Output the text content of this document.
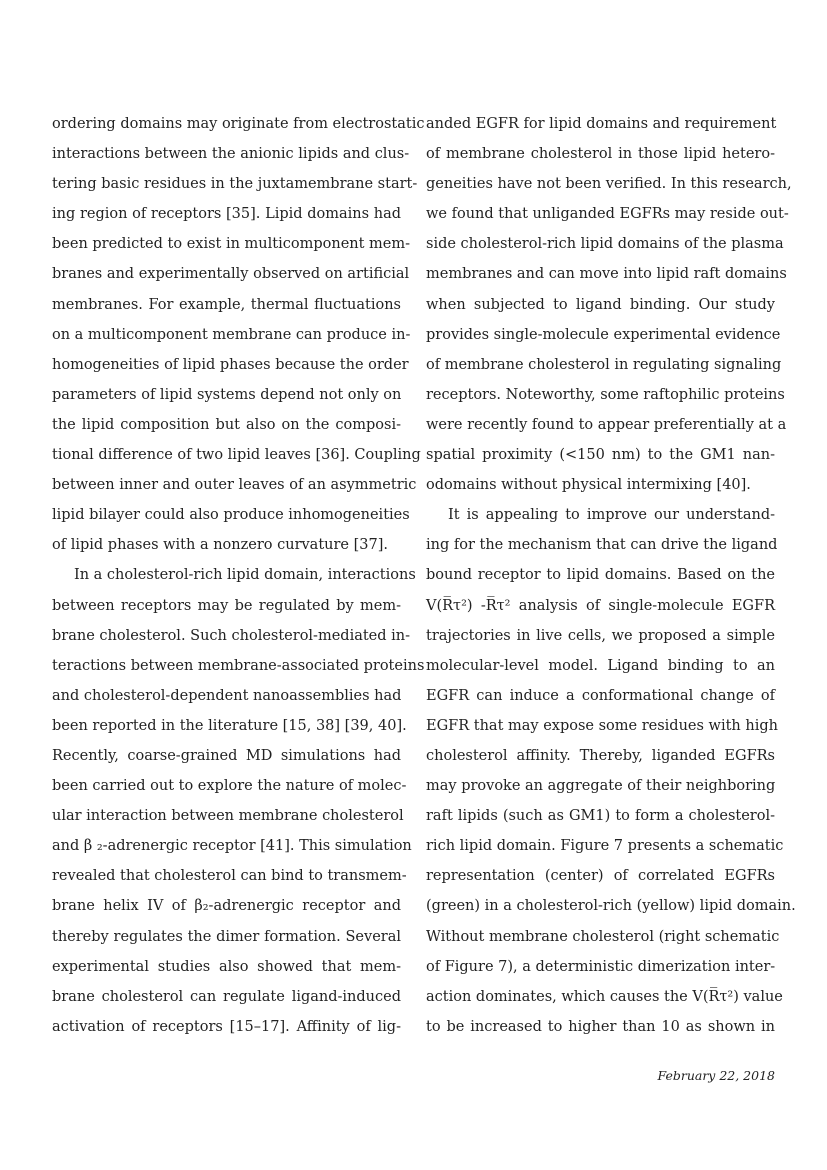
ordering domains may originate from electrostatic
interactions between the anionic lipids and clus-
tering basic residues in the juxtamembrane start-
ing region of receptors [35]. Lipid domains had
been predicted to exist in multicomponent mem-
branes and experimentally observed on artificial
membranes. For example, thermal fluctuations
on a multicomponent membrane can produce in-
homogeneities of lipid phases because the order
parameters of lipid systems depend not only on
the lipid composition but also on the composi-
tional difference of two lipid leaves [36]. Coupling
between inner and outer leaves of an asymmetric
lipid bilayer could also produce inhomogeneities
of lipid phases with a nonzero curvature [37].
In a cholesterol-rich lipid domain, interactions
between receptors may be regulated by mem-
brane cholesterol. Such cholesterol-mediated in-
teractions between membrane-associated proteins
and cholesterol-dependent nanoassemblies had
been reported in the literature [15, 38] [39, 40].
Recently, coarse-grained MD simulations had
been carried out to explore the nature of molec-
ular interaction between membrane cholesterol
and β ₂-adrenergic receptor [41]. This simulation
revealed that cholesterol can bind to transmem-
brane helix IV of β₂-adrenergic receptor and
thereby regulates the dimer formation. Several
experimental studies also showed that mem-
brane cholesterol can regulate ligand-induced
activation of receptors [15–17]. Affinity of lig-
anded EGFR for lipid domains and requirement
of membrane cholesterol in those lipid hetero-
geneities have not been verified. In this research,
we found that unliganded EGFRs may reside out-
side cholesterol-rich lipid domains of the plasma
membranes and can move into lipid raft domains
when subjected to ligand binding. Our study
provides single-molecule experimental evidence
of membrane cholesterol in regulating signaling
receptors. Noteworthy, some raftophilic proteins
were recently found to appear preferentially at a
spatial proximity (<150 nm) to the GM1 nan-
odomains without physical intermixing [40].
It is appealing to improve our understand-
ing for the mechanism that can drive the ligand
bound receptor to lipid domains. Based on the
V(R̅τ²) -R̅τ² analysis of single-molecule EGFR
trajectories in live cells, we proposed a simple
molecular-level model. Ligand binding to an
EGFR can induce a conformational change of
EGFR that may expose some residues with high
cholesterol affinity. Thereby, liganded EGFRs
may provoke an aggregate of their neighboring
raft lipids (such as GM1) to form a cholesterol-
rich lipid domain. Figure 7 presents a schematic
representation (center) of correlated EGFRs
(green) in a cholesterol-rich (yellow) lipid domain.
Without membrane cholesterol (right schematic
of Figure 7), a deterministic dimerization inter-
action dominates, which causes the V(R̅τ²) value
to be increased to higher than 10 as shown in
February 22, 2018
